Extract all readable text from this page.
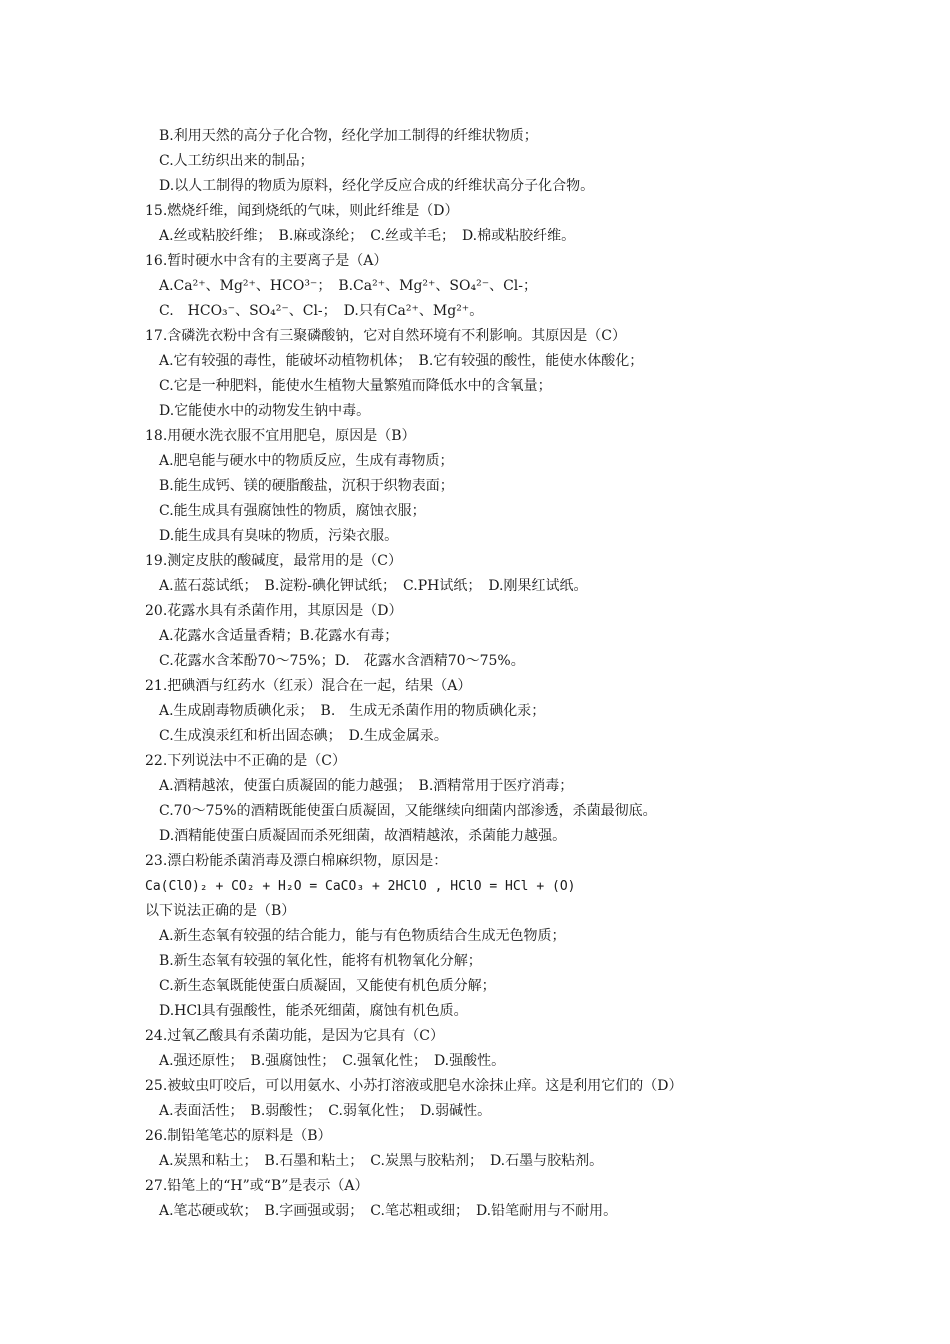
B.利用天然的高分子化合物，经化学加工制得的纤维状物质；
C.人工纺织出来的制品；
D.以人工制得的物质为原料，经化学反应合成的纤维状高分子化合物。
15.燃烧纤维，闻到烧纸的气味，则此纤维是（D）
A.丝或粘胶纤维；　B.麻或涤纶；　C.丝或羊毛；　D.棉或粘胶纤维。
16.暂时硬水中含有的主要离子是（A）
A.Ca²⁺、Mg²⁺、HCO³⁻；　B.Ca²⁺、Mg²⁺、SO₄²⁻、Cl-；
C.　HCO₃⁻、SO₄²⁻、Cl-；　D.只有Ca²⁺、Mg²⁺。
17.含磷洗衣粉中含有三聚磷酸钠，它对自然环境有不利影响。其原因是（C）
A.它有较强的毒性，能破坏动植物机体；　B.它有较强的酸性，能使水体酸化；
C.它是一种肥料，能使水生植物大量繁殖而降低水中的含氧量；
D.它能使水中的动物发生钠中毒。
18.用硬水洗衣服不宜用肥皂，原因是（B）
A.肥皂能与硬水中的物质反应，生成有毒物质；
B.能生成钙、镁的硬脂酸盐，沉积于织物表面；
C.能生成具有强腐蚀性的物质，腐蚀衣服；
D.能生成具有臭味的物质，污染衣服。
19.测定皮肤的酸碱度，最常用的是（C）
A.蓝石蕊试纸；　B.淀粉-碘化钾试纸；　C.PH试纸；　D.刚果红试纸。
20.花露水具有杀菌作用，其原因是（D）
A.花露水含适量香精；B.花露水有毒；
C.花露水含苯酚70～75%；D.　花露水含酒精70～75%。
21.把碘酒与红药水（红汞）混合在一起，结果（A）
A.生成剧毒物质碘化汞；　B.　生成无杀菌作用的物质碘化汞；
C.生成溴汞红和析出固态碘；　D.生成金属汞。
22.下列说法中不正确的是（C）
A.酒精越浓，使蛋白质凝固的能力越强；　B.酒精常用于医疗消毒；
C.70～75%的酒精既能使蛋白质凝固，又能继续向细菌内部渗透，杀菌最彻底。
D.酒精能使蛋白质凝固而杀死细菌，故酒精越浓，杀菌能力越强。
23.漂白粉能杀菌消毒及漂白棉麻织物，原因是：
Ca(ClO)₂ + CO₂ + H₂O = CaCO₃ + 2HClO , HClO = HCl + (O)
以下说法正确的是（B）
A.新生态氧有较强的结合能力，能与有色物质结合生成无色物质；
B.新生态氧有较强的氧化性，能将有机物氧化分解；
C.新生态氧既能使蛋白质凝固，又能使有机色质分解；
D.HCl具有强酸性，能杀死细菌，腐蚀有机色质。
24.过氧乙酸具有杀菌功能，是因为它具有（C）
A.强还原性；　B.强腐蚀性；　C.强氧化性；　D.强酸性。
25.被蚊虫叮咬后，可以用氨水、小苏打溶液或肥皂水涂抹止痒。这是利用它们的（D）
A.表面活性；　B.弱酸性；　C.弱氧化性；　D.弱碱性。
26.制铅笔笔芯的原料是（B）
A.炭黑和粘土；　B.石墨和粘土；　C.炭黑与胶粘剂；　D.石墨与胶粘剂。
27.铅笔上的“H”或“B”是表示（A）
A.笔芯硬或软；　B.字画强或弱；　C.笔芯粗或细；　D.铅笔耐用与不耐用。
